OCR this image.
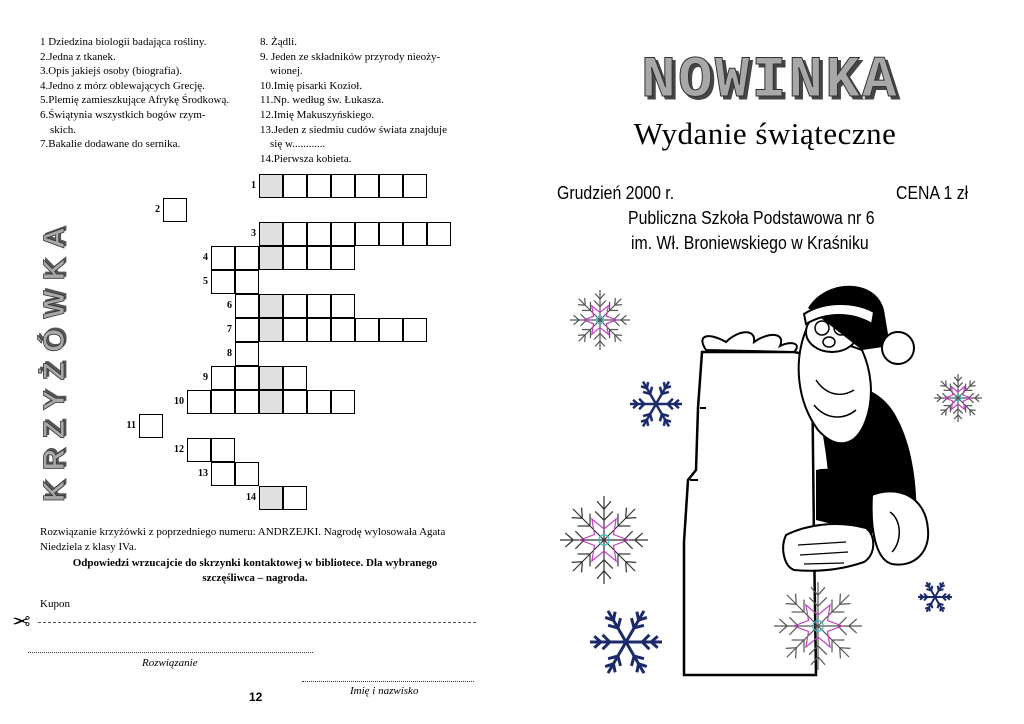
1 Dziedzina biologii badająca rośliny.
2.Jedna z tkanek.
3.Opis jakiejś osoby (biografia).
4.Jedno z mórz oblewających Grecję.
5.Plemię zamieszkujące Afrykę Środkową.
6.Świątynia wszystkich bogów rzym-
skich.
7.Bakalie dodawane do sernika.
8. Żądli.
9. Jeden ze składników przyrody nieoży-
wionej.
10.Imię pisarki Kozioł.
11.Np. według św. Łukasza.
12.Imię Makuszyńskiego.
13.Jeden z siedmiu cudów świata znajduje
się w............
14.Pierwsza kobieta.
KRZYŻÓWKA
1
2
3
4
5
6
7
8
9
10
11
12
13
14
Rozwiązanie krzyżówki z poprzedniego numeru: ANDRZEJKI. Nagrodę wylosowała Agata Niedziela z klasy IVa.
Odpowiedzi wrzucajcie do skrzynki kontaktowej w bibliotece. Dla wybranego
szczęśliwca – nagroda.
Kupon
✂
Rozwiązanie
Imię i nazwisko
12
NOWINKA
Wydanie świąteczne
Grudzień 2000 r.	CENA 1 zł
Publiczna Szkoła Podstawowa nr 6
im. Wł. Broniewskiego w Kraśniku
